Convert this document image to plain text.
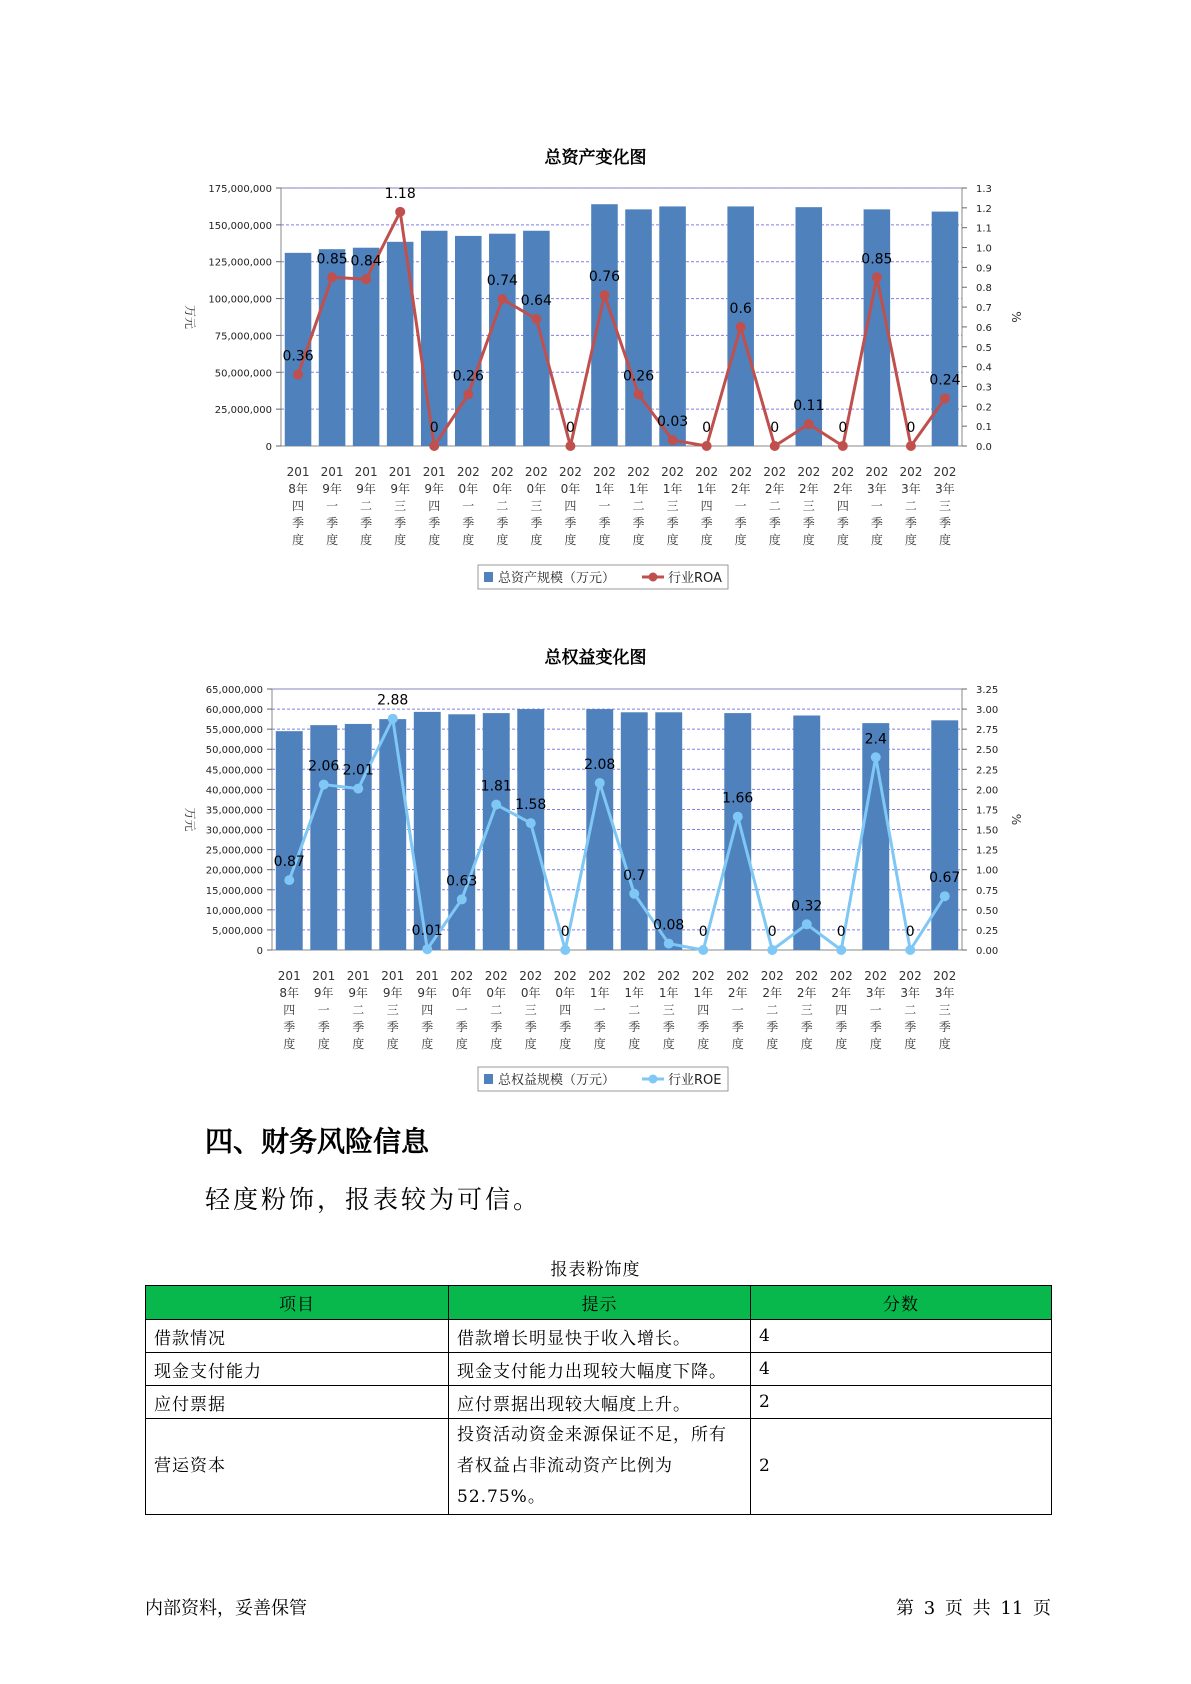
总资产变化图
0
25,000,000
50,000,000
75,000,000
100,000,000
125,000,000
150,000,000
175,000,000
0.0
0.1
0.2
0.3
0.4
0.5
0.6
0.7
0.8
0.9
1.0
1.1
1.2
1.3
万元	%
0.36
0.85 0.84
1.18
0
0.26
0.74
0.64
0
0.76
0.26
0.03 0
0.6
0
0.11
0
0.85
0
0.24
201 8年四季度
201 9年一季度
201 9年二季度
201 9年三季度
201 9年四季度
202 0年一季度
202 0年二季度
202 0年三季度
202 0年四季度
202 1年一季度
202 1年二季度
202 1年三季度
202 1年四季度
202 2年一季度
202 2年二季度
202 2年三季度
202 2年四季度
202 3年一季度
202 3年二季度
202 3年三季度
总资产规模（万元）	行业ROA
总权益变化图
0
5,000,000
10,000,000
15,000,000
20,000,000
25,000,000
30,000,000
35,000,000
40,000,000
45,000,000
50,000,000
55,000,000
60,000,000
65,000,000
0.00
0.25
0.50
0.75
1.00
1.25
1.50
1.75
2.00
2.25
2.50
2.75
3.00
3.25
万元	%
0.87
2.06 2.01
2.88
0.01
0.63
1.81
1.58
0
2.08
0.7
0.08 0
1.66
0
0.32
0
2.4
0
0.67
201 8年四季度
201 9年一季度
201 9年二季度
201 9年三季度
201 9年四季度
202 0年一季度
202 0年二季度
202 0年三季度
202 0年四季度
202 1年一季度
202 1年二季度
202 1年三季度
202 1年四季度
202 2年一季度
202 2年二季度
202 2年三季度
202 2年四季度
202 3年一季度
202 3年二季度
202 3年三季度
总权益规模（万元）	行业ROE
四、财务风险信息
轻度粉饰，报表较为可信。
报表粉饰度
项目	提示	分数
借款情况	借款增长明显快于收入增长。	4
现金支付能力	现金支付能力出现较大幅度下降。	4
应付票据	应付票据出现较大幅度上升。	2
营运资本	投资活动资金来源保证不足，所有者权益占非流动资产比例为52.75%。	2
内部资料，妥善保管	第 3 页 共 11 页
